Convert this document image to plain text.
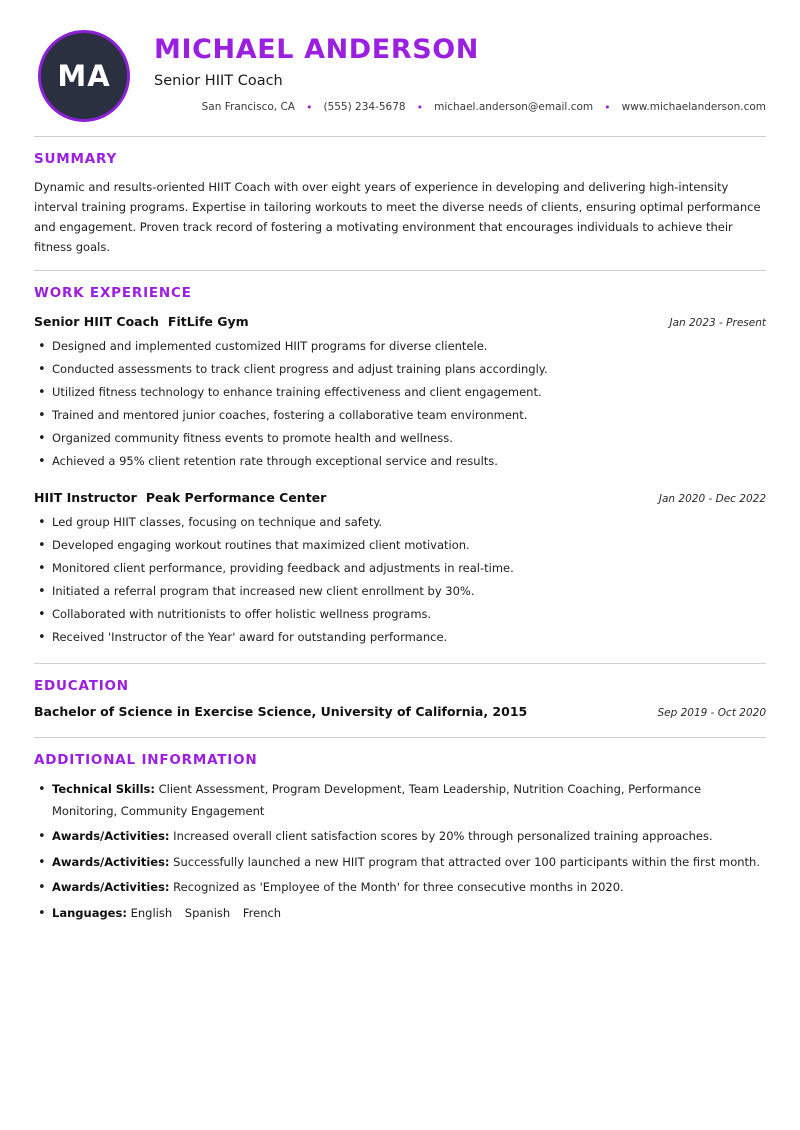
MA
MICHAEL ANDERSON
Senior HIIT Coach
San Francisco, CA	•	(555) 234-5678	•	michael.anderson@email.com	•	www.michaelanderson.com
SUMMARY

Dynamic and results-oriented HIIT Coach with over eight years of experience in developing and delivering high-intensity interval training programs. Expertise in tailoring workouts to meet the diverse needs of clients, ensuring optimal performance and engagement. Proven track record of fostering a motivating environment that encourages individuals to achieve their fitness goals.

WORK EXPERIENCE
Senior HIIT Coach FitLife Gym	Jan 2023 - Present
• Designed and implemented customized HIIT programs for diverse clientele.
• Conducted assessments to track client progress and adjust training plans accordingly.
• Utilized fitness technology to enhance training effectiveness and client engagement.
• Trained and mentored junior coaches, fostering a collaborative team environment.
• Organized community fitness events to promote health and wellness.
• Achieved a 95% client retention rate through exceptional service and results.
HIIT Instructor Peak Performance Center	Jan 2020 - Dec 2022
• Led group HIIT classes, focusing on technique and safety.
• Developed engaging workout routines that maximized client motivation.
• Monitored client performance, providing feedback and adjustments in real-time.
• Initiated a referral program that increased new client enrollment by 30%.
• Collaborated with nutritionists to offer holistic wellness programs.
• Received 'Instructor of the Year' award for outstanding performance.
EDUCATION
Bachelor of Science in Exercise Science, University of California, 2015	Sep 2019 - Oct 2020
ADDITIONAL INFORMATION
• Technical Skills: Client Assessment, Program Development, Team Leadership, Nutrition Coaching, Performance Monitoring, Community Engagement
• Awards/Activities: Increased overall client satisfaction scores by 20% through personalized training approaches.
• Awards/Activities: Successfully launched a new HIIT program that attracted over 100 participants within the first month.
• Awards/Activities: Recognized as 'Employee of the Month' for three consecutive months in 2020.
• Languages: English Spanish French
